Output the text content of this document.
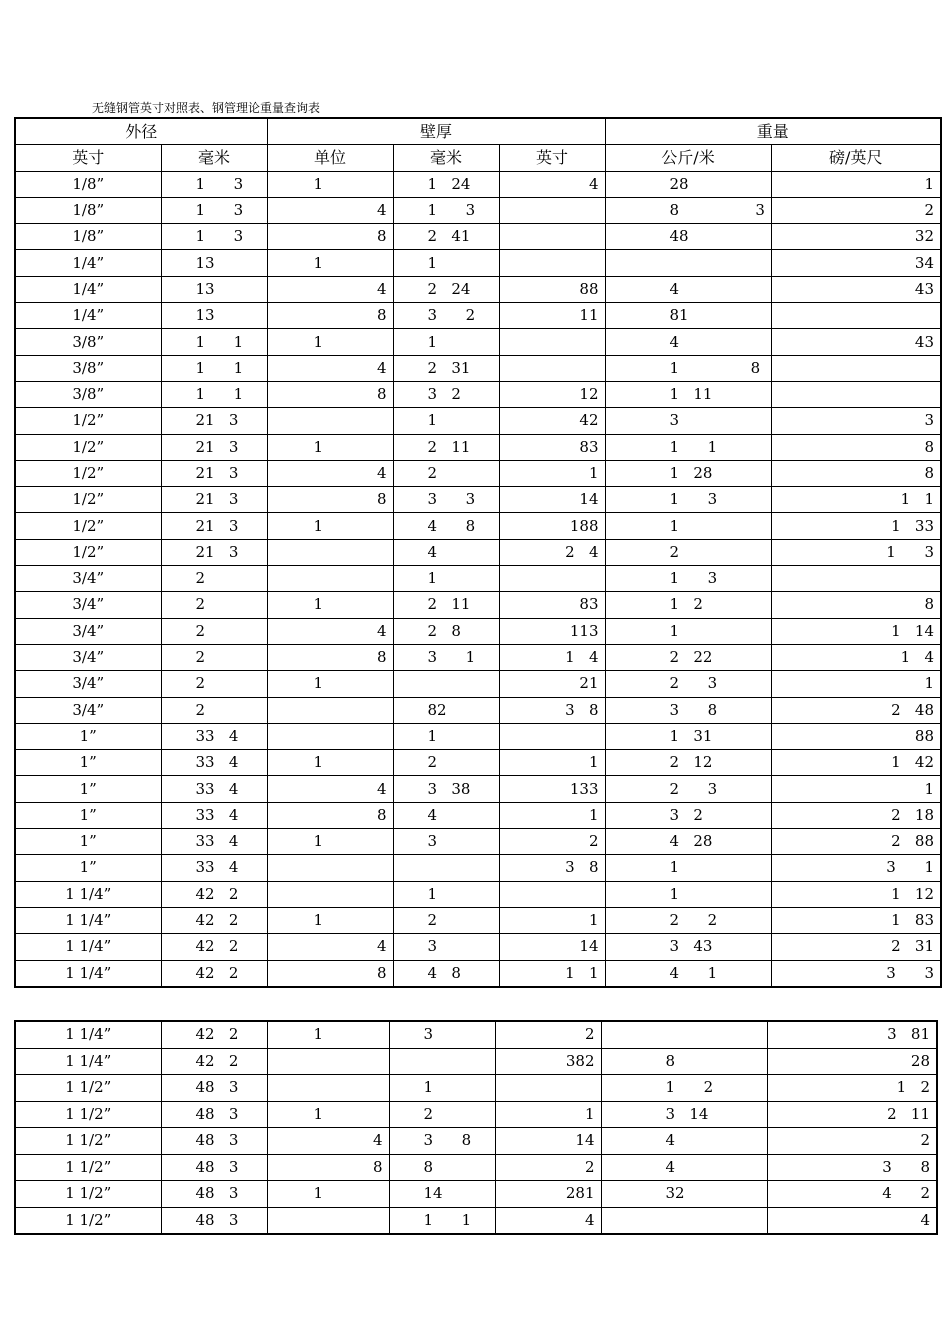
无缝钢管英寸对照表、钢管理论重量查询表
外径		壁厚			重量	
英寸	毫米	单位	毫米	英寸	公斤/米	磅/英尺
1/8”	1      3	1	1   24	4	28	1
1/8”	1      3	4	1      3		8                3	2
1/8”	1      3	8	2   41		48	32
1/4”	13	1	1			34
1/4”	13	4	2   24	88	4	43
1/4”	13	8	3      2	11	81	
3/8”	1      1	1	1		4	43
3/8”	1      1	4	2   31		1               8	
3/8”	1      1	8	3   2	12	1   11	
1/2”	21   3		1	42	3	3
1/2”	21   3	1	2   11	83	1      1	8
1/2”	21   3	4	2	1	1   28	8
1/2”	21   3	8	3      3	14	1      3	1   1
1/2”	21   3	1	4      8	188	1	1   33
1/2”	21   3		4	2   4	2	1      3
3/4”	2		1		1      3	
3/4”	2	1	2   11	83	1   2	8
3/4”	2	4	2   8	113	1	1   14
3/4”	2	8	3      1	1   4	2   22	1   4
3/4”	2	1		21	2      3	1
3/4”	2		82	3   8	3      8	2   48
1”	33   4		1		1   31	88
1”	33   4	1	2	1	2   12	1   42
1”	33   4	4	3   38	133	2      3	1
1”	33   4	8	4	1	3   2	2   18
1”	33   4	1	3	2	4   28	2   88
1”	33   4			3   8	1	3      1
1 1/4”	42   2		1		1	1   12
1 1/4”	42   2	1	2	1	2      2	1   83
1 1/4”	42   2	4	3	14	3   43	2   31
1 1/4”	42   2	8	4   8	1   1	4      1	3      3
1 1/4”	42   2	1	3	2		3   81
1 1/4”	42   2			382	8	28
1 1/2”	48   3		1		1      2	1   2
1 1/2”	48   3	1	2	1	3   14	2   11
1 1/2”	48   3	4	3      8	14	4	2
1 1/2”	48   3	8	8	2	4	3      8
1 1/2”	48   3	1	14	281	32	4      2
1 1/2”	48   3		1      1	4		4
